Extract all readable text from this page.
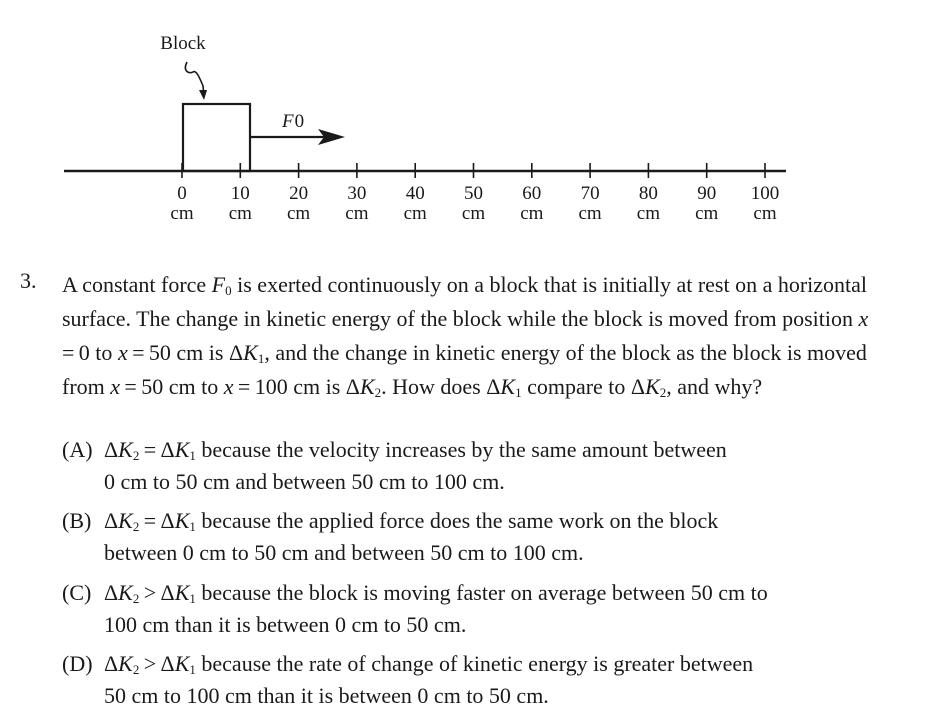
Block
F0
0
cm
10
cm
20
cm
30
cm
40
cm
50
cm
60
cm
70
cm
80
cm
90
cm
100
cm
3. A constant force $F_0$ is exerted continuously on a block that is initially at rest on a horizontal surface. The change in kinetic energy of the block while the block is moved from position x = 0 to x = 50 cm is $\Delta K_1$, and the change in kinetic energy of the block as the block is moved from x = 50 cm to x = 100 cm is $\Delta K_2$. How does $\Delta K_1$ compare to $\Delta K_2$, and why?
(A) $\Delta K_2 = \Delta K_1$ because the velocity increases by the same amount between
0 cm to 50 cm and between 50 cm to 100 cm.
(B) $\Delta K_2 = \Delta K_1$ because the applied force does the same work on the block
between 0 cm to 50 cm and between 50 cm to 100 cm.
(C) $\Delta K_2 > \Delta K_1$ because the block is moving faster on average between 50 cm to
100 cm than it is between 0 cm to 50 cm.
(D) $\Delta K_2 > \Delta K_1$ because the rate of change of kinetic energy is greater between
50 cm to 100 cm than it is between 0 cm to 50 cm.
